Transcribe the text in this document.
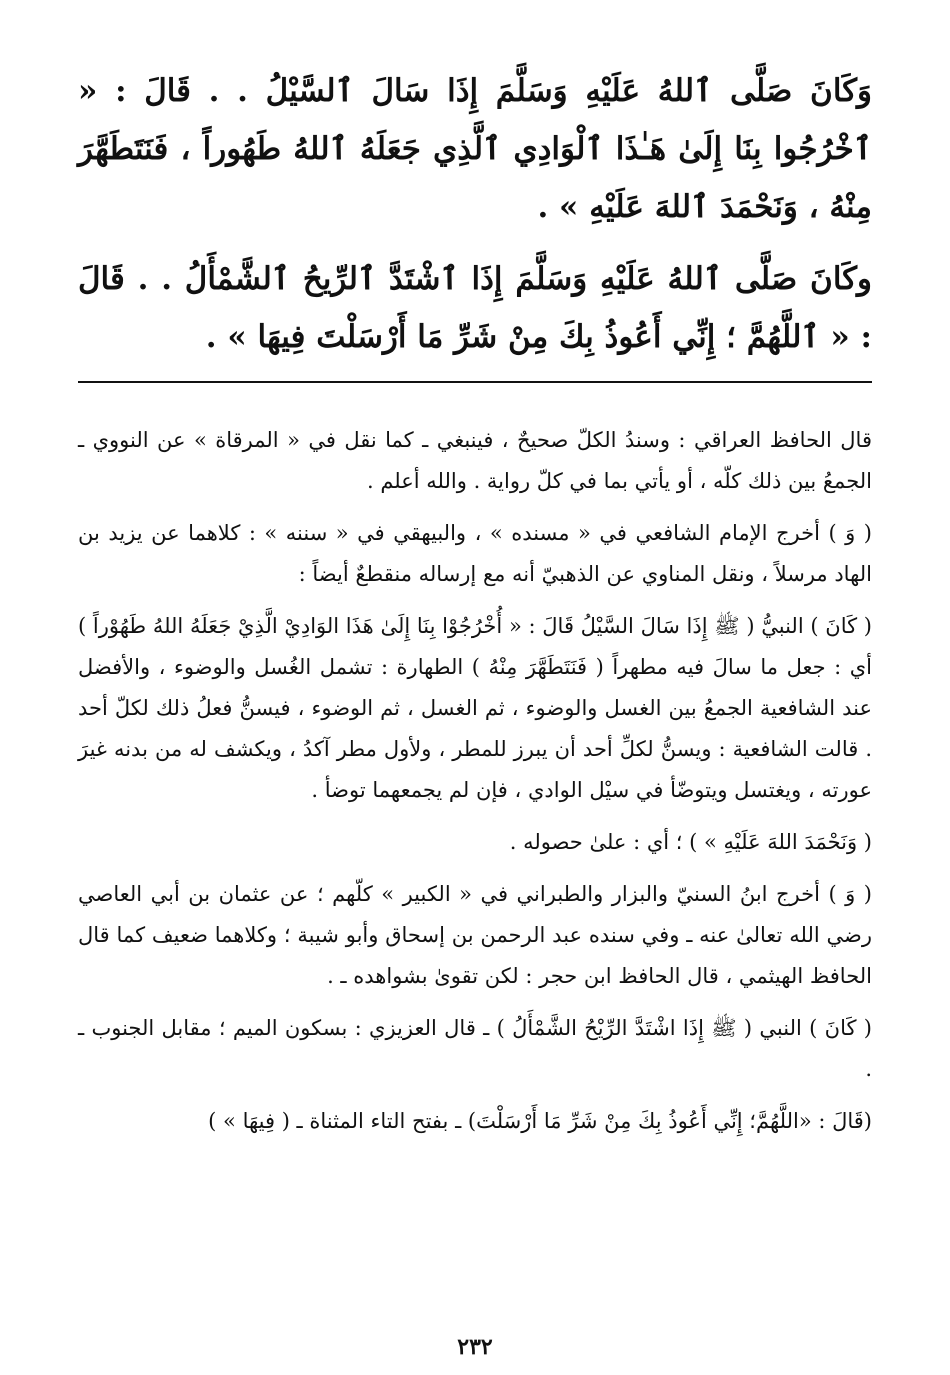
وَكَانَ صَلَّى ٱللهُ عَلَيْهِ وَسَلَّمَ إِذَا سَالَ ٱلسَّيْلُ . . قَالَ : « ٱخْرُجُوا بِنَا إِلَىٰ هَـٰذَا ٱلْوَادِي ٱلَّذِي جَعَلَهُ ٱللهُ طَهُوراً ، فَنَتَطَهَّرَ مِنْهُ ، وَنَحْمَدَ ٱللهَ عَلَيْهِ » .

وكَانَ صَلَّى ٱللهُ عَلَيْهِ وَسَلَّمَ إِذَا ٱشْتَدَّ ٱلرِّيحُ ٱلشَّمْأَلُ . . قَالَ : « ٱللَّهُمَّ ؛ إِنِّي أَعُوذُ بِكَ مِنْ شَرِّ مَا أَرْسَلْتَ فِيهَا » .

قال الحافظ العراقي : وسندُ الكلّ صحيحٌ ، فينبغي ـ كما نقل في « المرقاة » عن النووي ـ الجمعُ بين ذلك كلّه ، أو يأتي بما في كلّ رواية . والله أعلم .

( وَ ) أخرج الإمام الشافعي في « مسنده » ، والبيهقي في « سننه » : كلاهما عن يزيد بن الهاد مرسلاً ، ونقل المناوي عن الذهبيّ أنه مع إرساله منقطعٌ أيضاً :

( كَانَ ) النبيُّ ( ﷺ إِذَا سَالَ السَّيْلُ قَالَ : « أُخْرُجُوْا بِنَا إِلَىٰ هَذَا الوَادِيْ الَّذِيْ جَعَلَهُ اللهُ طَهُوْراً ) أي : جعل ما سالَ فيه مطهراً ( فَنَتَطَهَّرَ مِنْهُ ) الطهارة : تشمل الغُسل والوضوء ، والأفضل عند الشافعية الجمعُ بين الغسل والوضوء ، ثم الغسل ، ثم الوضوء ، فيسنُّ فعلُ ذلك لكلّ أحد . قالت الشافعية : ويسنُّ لكلِّ أحد أن يبرز للمطر ، ولأول مطر آكدُ ، ويكشف له من بدنه غيرَ عورته ، ويغتسل ويتوضّأ في سيْل الوادي ، فإن لم يجمعهما توضأ .

( وَنَحْمَدَ اللهَ عَلَيْهِ » ) ؛ أي : علىٰ حصوله .

( وَ ) أخرج ابنُ السنيّ والبزار والطبراني في « الكبير » كلّهم ؛ عن عثمان بن أبي العاصي رضي الله تعالىٰ عنه ـ وفي سنده عبد الرحمن بن إسحاق وأبو شيبة ؛ وكلاهما ضعيف كما قال الحافظ الهيثمي ، قال الحافظ ابن حجر : لكن تقوىٰ بشواهده ـ .

( كَانَ ) النبي ( ﷺ إِذَا اشْتَدَّ الرِّيْحُ الشَّمْأَلُ ) ـ قال العزيزي : بسكون الميم ؛ مقابل الجنوب ـ .

(قَالَ : «اللَّهُمَّ؛ إِنِّي أَعُوذُ بِكَ مِنْ شَرِّ مَا أَرْسَلْتَ) ـ بفتح التاء المثناة ـ ( فِيهَا » )

٢٣٢
